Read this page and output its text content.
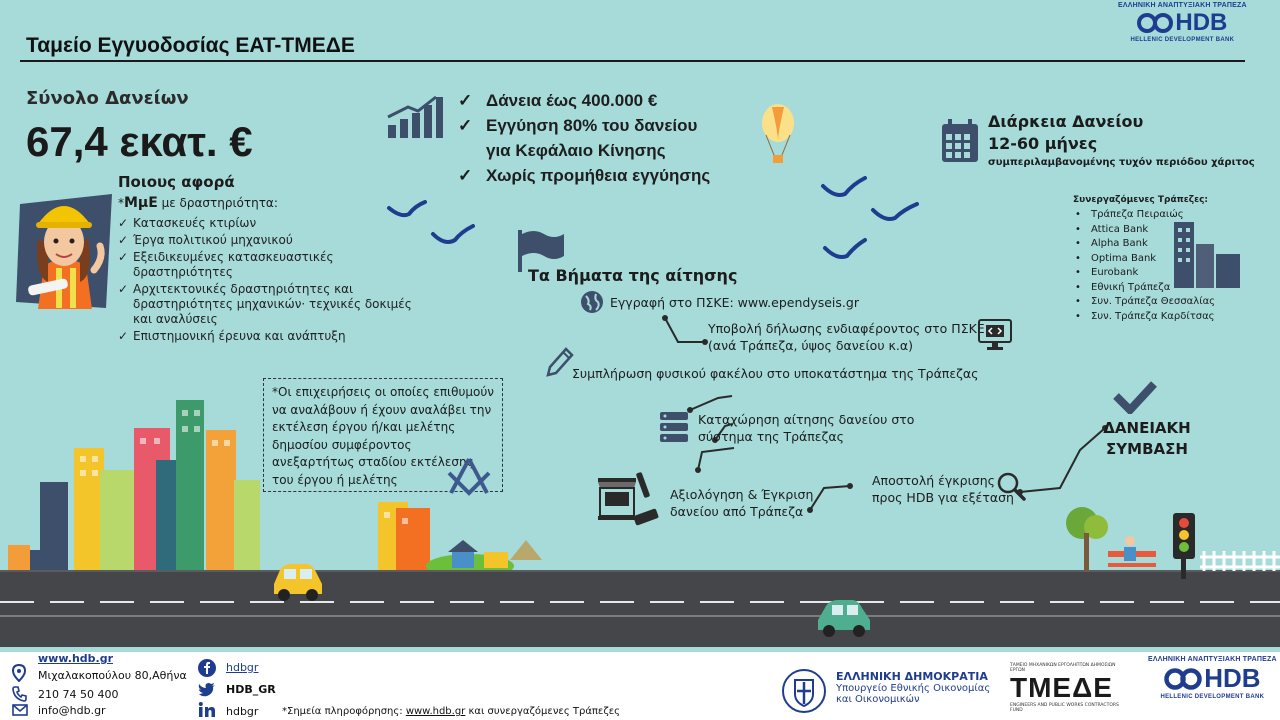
Ταμείο Εγγυοδοσίας ΕΑΤ-ΤΜΕΔΕ
ΕΛΛΗΝΙΚΗ ΑΝΑΠΤΥΞΙΑΚΗ ΤΡΑΠΕΖΑ
HDB
HELLENIC DEVELOPMENT BANK
Σύνολο Δανείων
67,4 εκατ. €
Ποιους αφορά
*ΜμΕ με δραστηριότητα:
✓ Κατασκευές κτιρίων
✓ Έργα πολιτικού μηχανικού
✓ Εξειδικευμένες κατασκευαστικές δραστηριότητες
✓ Αρχιτεκτονικές δραστηριότητες και δραστηριότητες μηχανικών· τεχνικές δοκιμές και αναλύσεις
✓ Επιστημονική έρευνα και ανάπτυξη
✓ Δάνεια έως 400.000 €
✓ Εγγύηση 80% του δανείου
για Κεφάλαιο Κίνησης
✓ Χωρίς προμήθεια εγγύησης
Διάρκεια Δανείου
12-60 μήνες
συμπεριλαμβανομένης τυχόν περιόδου χάριτος
Συνεργαζόμενες Τράπεζες:
• Τράπεζα Πειραιώς
• Attica Bank
• Alpha Bank
• Optima Bank
• Eurobank
• Εθνική Τράπεζα
• Συν. Τράπεζα Θεσσαλίας
• Συν. Τράπεζα Καρδίτσας
Τα Βήματα της αίτησης
Εγγραφή στο ΠΣΚΕ: www.ependyseis.gr
Υποβολή δήλωσης ενδιαφέροντος στο ΠΣΚΕ
(ανά Τράπεζα, ύψος δανείου κ.α)
Συμπλήρωση φυσικού φακέλου στο υποκατάστημα της Τράπεζας
Καταχώρηση αίτησης δανείου στο
σύστημα της Τράπεζας
Αξιολόγηση & Έγκριση
δανείου από Τράπεζα
Αποστολή έγκρισης
προς HDB για εξέταση
ΔΑΝΕΙΑΚΗ
ΣΥΜΒΑΣΗ
*Οι επιχειρήσεις οι οποίες επιθυμούν να αναλάβουν ή έχουν αναλάβει την εκτέλεση έργου ή/και μελέτης δημοσίου συμφέροντος ανεξαρτήτως σταδίου εκτέλεσης του έργου ή μελέτης
www.hdb.gr
Μιχαλακοπούλου 80,Αθήνα
210 74 50 400
info@hdb.gr
hdbgr
HDB_GR
hdbgr *Σημεία πληροφόρησης: www.hdb.gr και συνεργαζόμενες Τράπεζες
ΕΛΛΗΝΙΚΗ ΔΗΜΟΚΡΑΤΙΑ
Υπουργείο Εθνικής Οικονομίας
και Οικονομικών
ΤΑΜΕΙΟ ΜΗΧΑΝΙΚΩΝ ΕΡΓΟΛΗΠΤΩΝ ΔΗΜΟΣΙΩΝ ΕΡΓΩΝ
ΤΜΕΔΕ
ENGINEERS AND PUBLIC WORKS CONTRACTORS FUND
ΕΛΛΗΝΙΚΗ ΑΝΑΠΤΥΞΙΑΚΗ ΤΡΑΠΕΖΑ
HDB
HELLENIC DEVELOPMENT BANK
